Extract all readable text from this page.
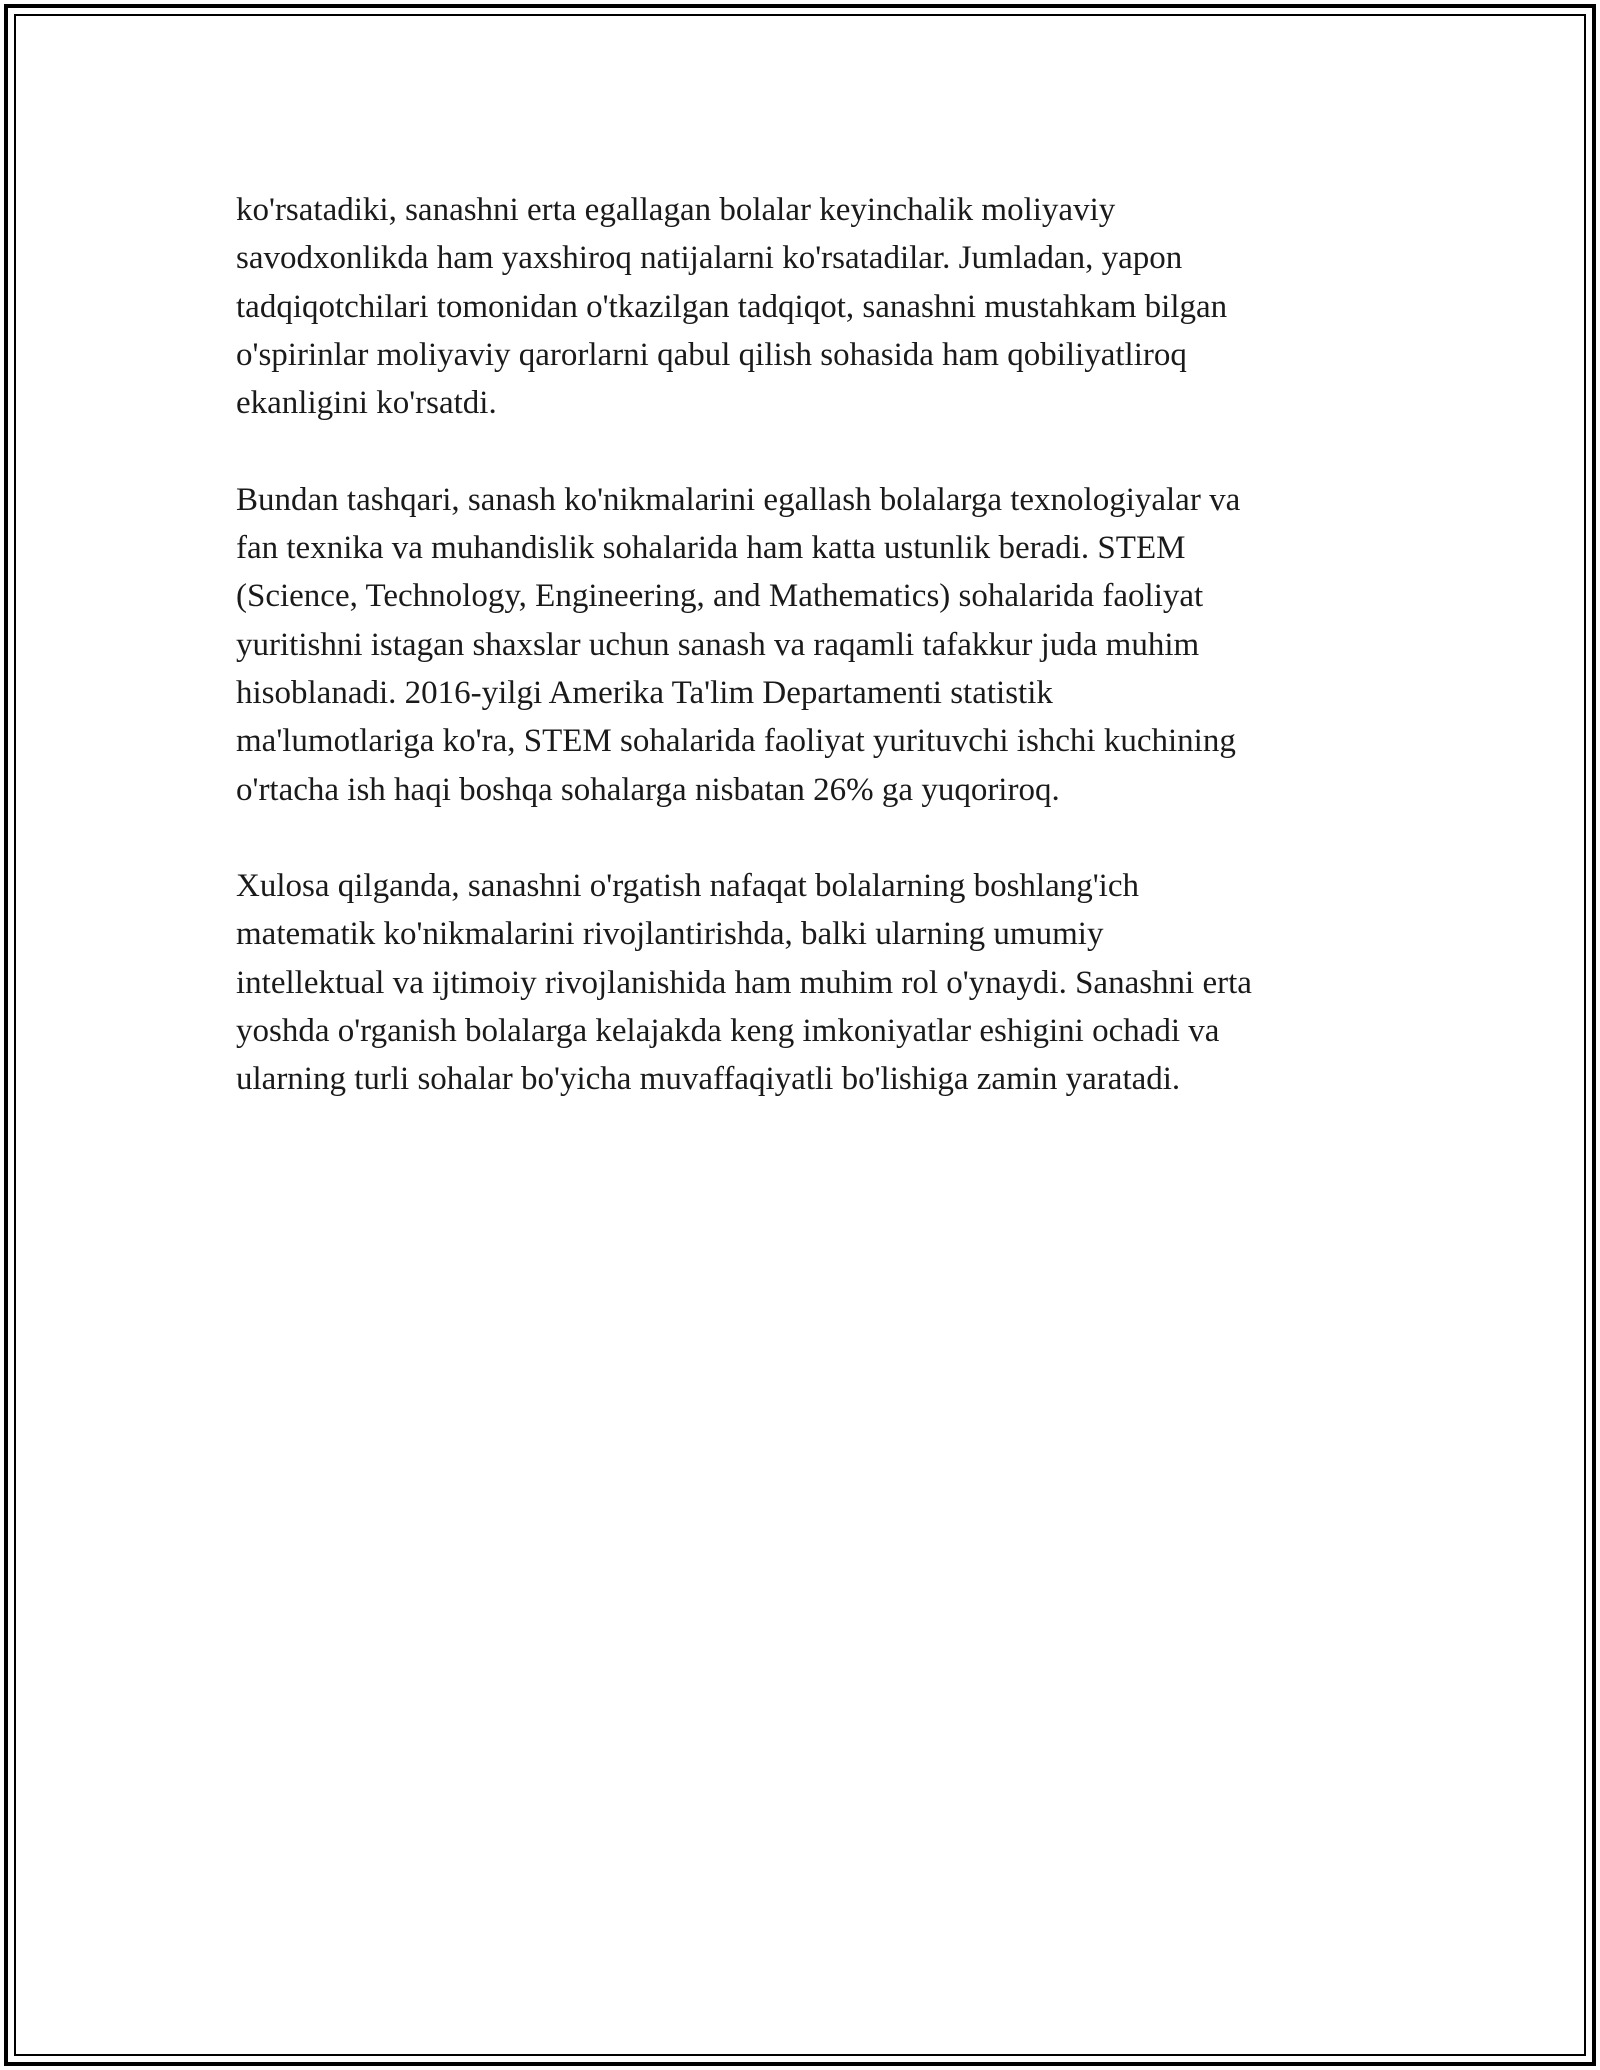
ko'rsatadiki, sanashni erta egallagan bolalar keyinchalik moliyaviy
savodxonlikda ham yaxshiroq natijalarni ko'rsatadilar. Jumladan, yapon
tadqiqotchilari tomonidan o'tkazilgan tadqiqot, sanashni mustahkam bilgan
o'spirinlar moliyaviy qarorlarni qabul qilish sohasida ham qobiliyatliroq
ekanligini ko'rsatdi.

Bundan tashqari, sanash ko'nikmalarini egallash bolalarga texnologiyalar va
fan texnika va muhandislik sohalarida ham katta ustunlik beradi. STEM
(Science, Technology, Engineering, and Mathematics) sohalarida faoliyat
yuritishni istagan shaxslar uchun sanash va raqamli tafakkur juda muhim
hisoblanadi. 2016-yilgi Amerika Ta'lim Departamenti statistik
ma'lumotlariga ko'ra, STEM sohalarida faoliyat yurituvchi ishchi kuchining
o'rtacha ish haqi boshqa sohalarga nisbatan 26% ga yuqoriroq.

Xulosa qilganda, sanashni o'rgatish nafaqat bolalarning boshlang'ich
matematik ko'nikmalarini rivojlantirishda, balki ularning umumiy
intellektual va ijtimoiy rivojlanishida ham muhim rol o'ynaydi. Sanashni erta
yoshda o'rganish bolalarga kelajakda keng imkoniyatlar eshigini ochadi va
ularning turli sohalar bo'yicha muvaffaqiyatli bo'lishiga zamin yaratadi.
